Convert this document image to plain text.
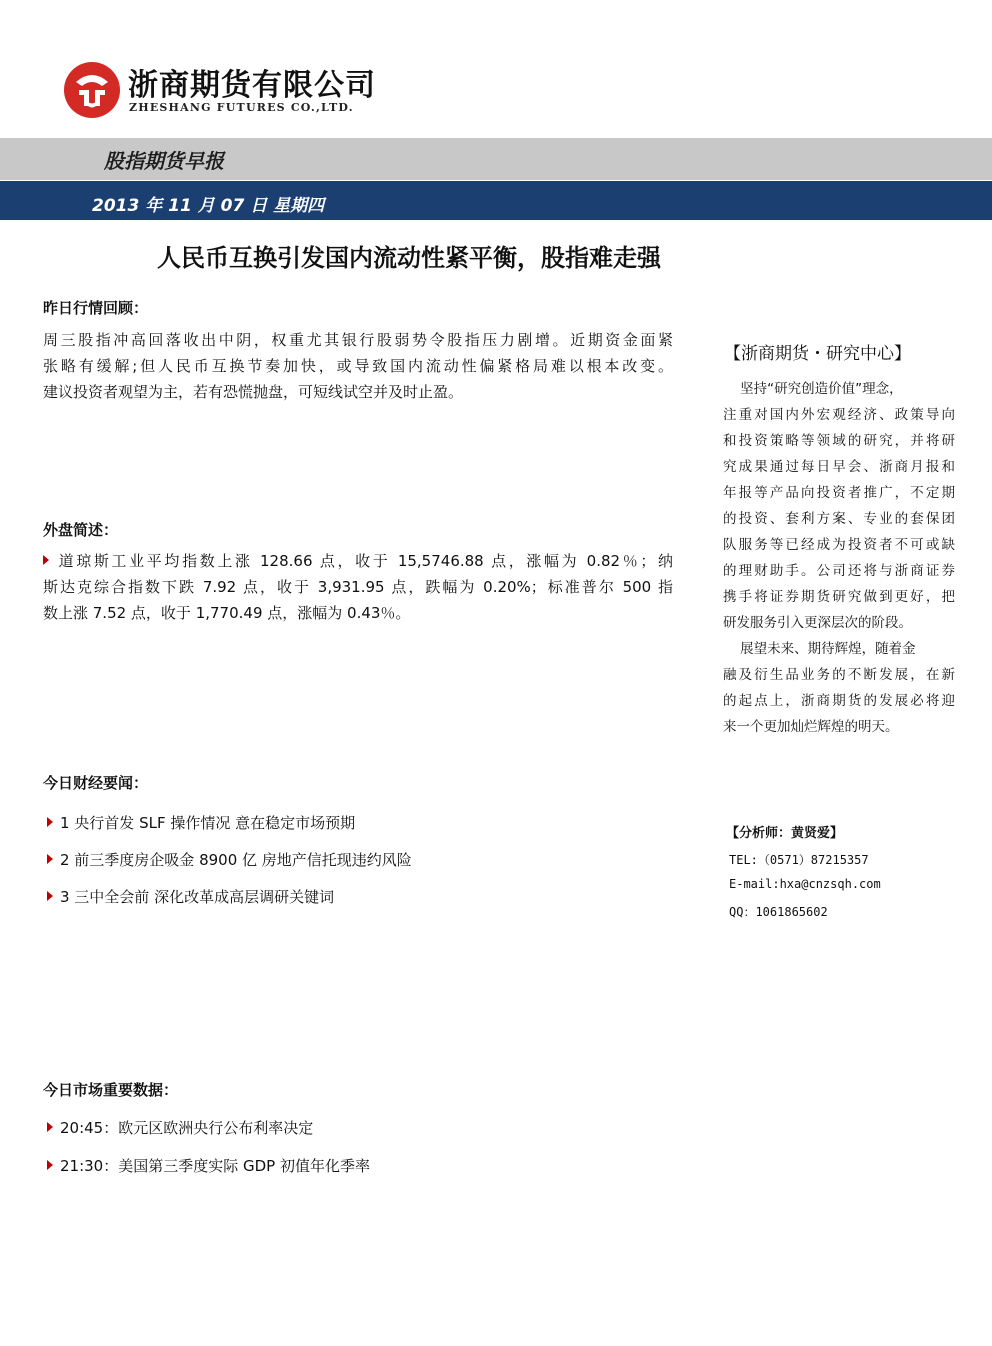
浙商期货有限公司
ZHESHANG FUTURES CO.,LTD.
股指期货早报
2013 年 11 月 07 日 星期四
人民币互换引发国内流动性紧平衡，股指难走强
昨日行情回顾：

周三股指冲高回落收出中阴，权重尤其银行股弱势令股指压力剧增。近期资金面紧
张略有缓解;但人民币互换节奏加快，或导致国内流动性偏紧格局难以根本改变。
建议投资者观望为主，若有恐慌抛盘，可短线试空并及时止盈。

外盘简述：

道琼斯工业平均指数上涨 128.66 点，收于 15,5746.88 点，涨幅为 0.82％；纳
斯达克综合指数下跌 7.92 点，收于 3,931.95 点，跌幅为 0.20%；标准普尔 500 指
数上涨 7.52 点，收于 1,770.49 点，涨幅为 0.43％。

今日财经要闻：
1 央行首发 SLF 操作情况 意在稳定市场预期
2 前三季度房企吸金 8900 亿 房地产信托现违约风险
3 三中全会前 深化改革成高层调研关键词
今日市场重要数据：
20:45：欧元区欧洲央行公布利率决定
21:30：美国第三季度实际 GDP 初值年化季率
【浙商期货・研究中心】

坚持“研究创造价值”理念，
注重对国内外宏观经济、政策导向
和投资策略等领域的研究，并将研
究成果通过每日早会、浙商月报和
年报等产品向投资者推广，不定期
的投资、套利方案、专业的套保团
队服务等已经成为投资者不可或缺
的理财助手。公司还将与浙商证券
携手将证券期货研究做到更好，把
研发服务引入更深层次的阶段。
展望未来、期待辉煌，随着金
融及衍生品业务的不断发展，在新
的起点上，浙商期货的发展必将迎
来一个更加灿烂辉煌的明天。

【分析师：黄贤爱】
TEL:（0571）87215357
E-mail:hxa@cnzsqh.com
QQ：1061865602
